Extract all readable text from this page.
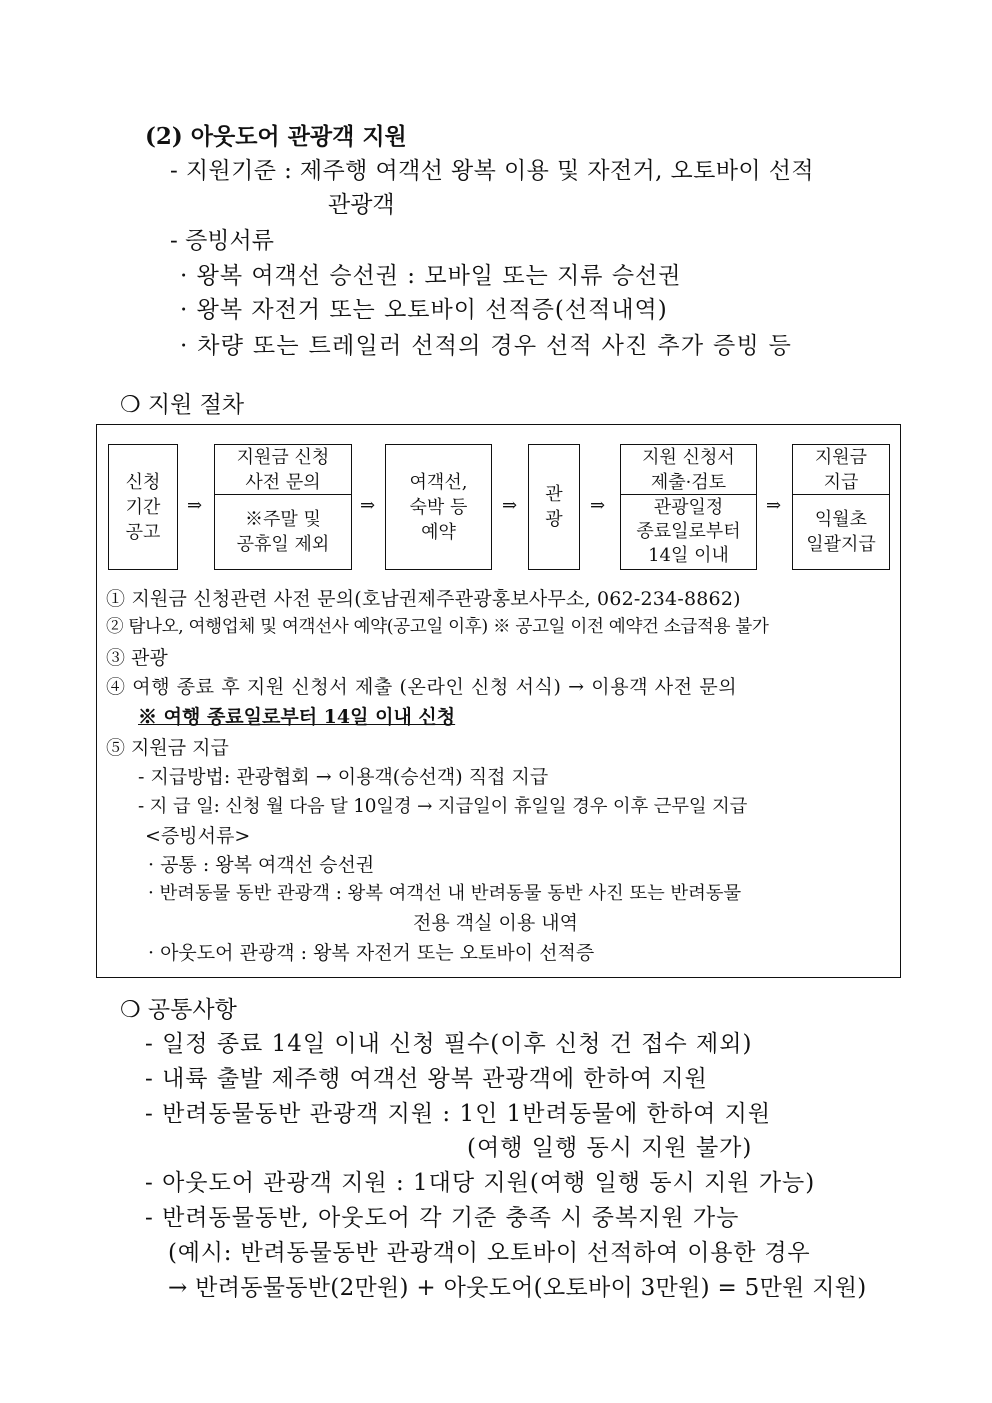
(2) 아웃도어 관광객 지원
- 지원기준 : 제주행 여객선 왕복 이용 및 자전거, 오토바이 선적
관광객
- 증빙서류
· 왕복 여객선 승선권 : 모바일 또는 지류 승선권
· 왕복 자전거 또는 오토바이 선적증(선적내역)
· 차량 또는 트레일러 선적의 경우 선적 사진 추가 증빙 등
❍ 지원 절차
신청
기간
공고
⇒
지원금 신청
사전 문의
※주말 및
공휴일 제외
⇒
여객선,
숙박 등
예약
⇒
관
광
⇒
지원 신청서
제출·검토
관광일정
종료일로부터
14일 이내
⇒
지원금
지급
익월초
일괄지급
① 지원금 신청관련 사전 문의(호남권제주관광홍보사무소, 062-234-8862)
② 탐나오, 여행업체 및 여객선사 예약(공고일 이후) ※ 공고일 이전 예약건 소급적용 불가
③ 관광
④ 여행 종료 후 지원 신청서 제출 (온라인 신청 서식) → 이용객 사전 문의
※ 여행 종료일로부터 14일 이내 신청
⑤ 지원금 지급
- 지급방법: 관광협회 → 이용객(승선객) 직접 지급
- 지 급 일: 신청 월 다음 달 10일경 → 지급일이 휴일일 경우 이후 근무일 지급
<증빙서류>
· 공통 : 왕복 여객선 승선권
· 반려동물 동반 관광객 : 왕복 여객선 내 반려동물 동반 사진 또는 반려동물
전용 객실 이용 내역
· 아웃도어 관광객 : 왕복 자전거 또는 오토바이 선적증
❍ 공통사항
- 일정 종료 14일 이내 신청 필수(이후 신청 건 접수 제외)
- 내륙 출발 제주행 여객선 왕복 관광객에 한하여 지원
- 반려동물동반 관광객 지원 : 1인 1반려동물에 한하여 지원
(여행 일행 동시 지원 불가)
- 아웃도어 관광객 지원 : 1대당 지원(여행 일행 동시 지원 가능)
- 반려동물동반, 아웃도어 각 기준 충족 시 중복지원 가능
(예시: 반려동물동반 관광객이 오토바이 선적하여 이용한 경우
→ 반려동물동반(2만원) + 아웃도어(오토바이 3만원) = 5만원 지원)
